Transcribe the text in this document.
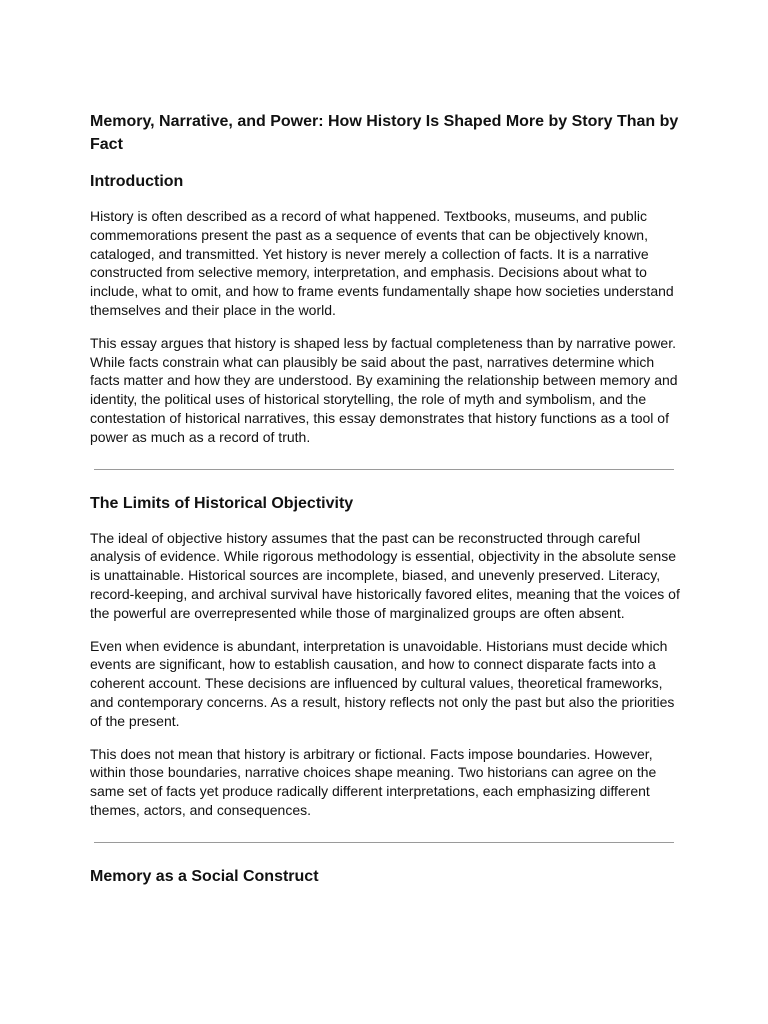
Memory, Narrative, and Power: How History Is Shaped More by Story Than by Fact
Introduction

History is often described as a record of what happened. Textbooks, museums, and public commemorations present the past as a sequence of events that can be objectively known, cataloged, and transmitted. Yet history is never merely a collection of facts. It is a narrative constructed from selective memory, interpretation, and emphasis. Decisions about what to include, what to omit, and how to frame events fundamentally shape how societies understand themselves and their place in the world.

This essay argues that history is shaped less by factual completeness than by narrative power. While facts constrain what can plausibly be said about the past, narratives determine which facts matter and how they are understood. By examining the relationship between memory and identity, the political uses of historical storytelling, the role of myth and symbolism, and the contestation of historical narratives, this essay demonstrates that history functions as a tool of power as much as a record of truth.

The Limits of Historical Objectivity

The ideal of objective history assumes that the past can be reconstructed through careful analysis of evidence. While rigorous methodology is essential, objectivity in the absolute sense is unattainable. Historical sources are incomplete, biased, and unevenly preserved. Literacy, record-keeping, and archival survival have historically favored elites, meaning that the voices of the powerful are overrepresented while those of marginalized groups are often absent.

Even when evidence is abundant, interpretation is unavoidable. Historians must decide which events are significant, how to establish causation, and how to connect disparate facts into a coherent account. These decisions are influenced by cultural values, theoretical frameworks, and contemporary concerns. As a result, history reflects not only the past but also the priorities of the present.

This does not mean that history is arbitrary or fictional. Facts impose boundaries. However, within those boundaries, narrative choices shape meaning. Two historians can agree on the same set of facts yet produce radically different interpretations, each emphasizing different themes, actors, and consequences.

Memory as a Social Construct
